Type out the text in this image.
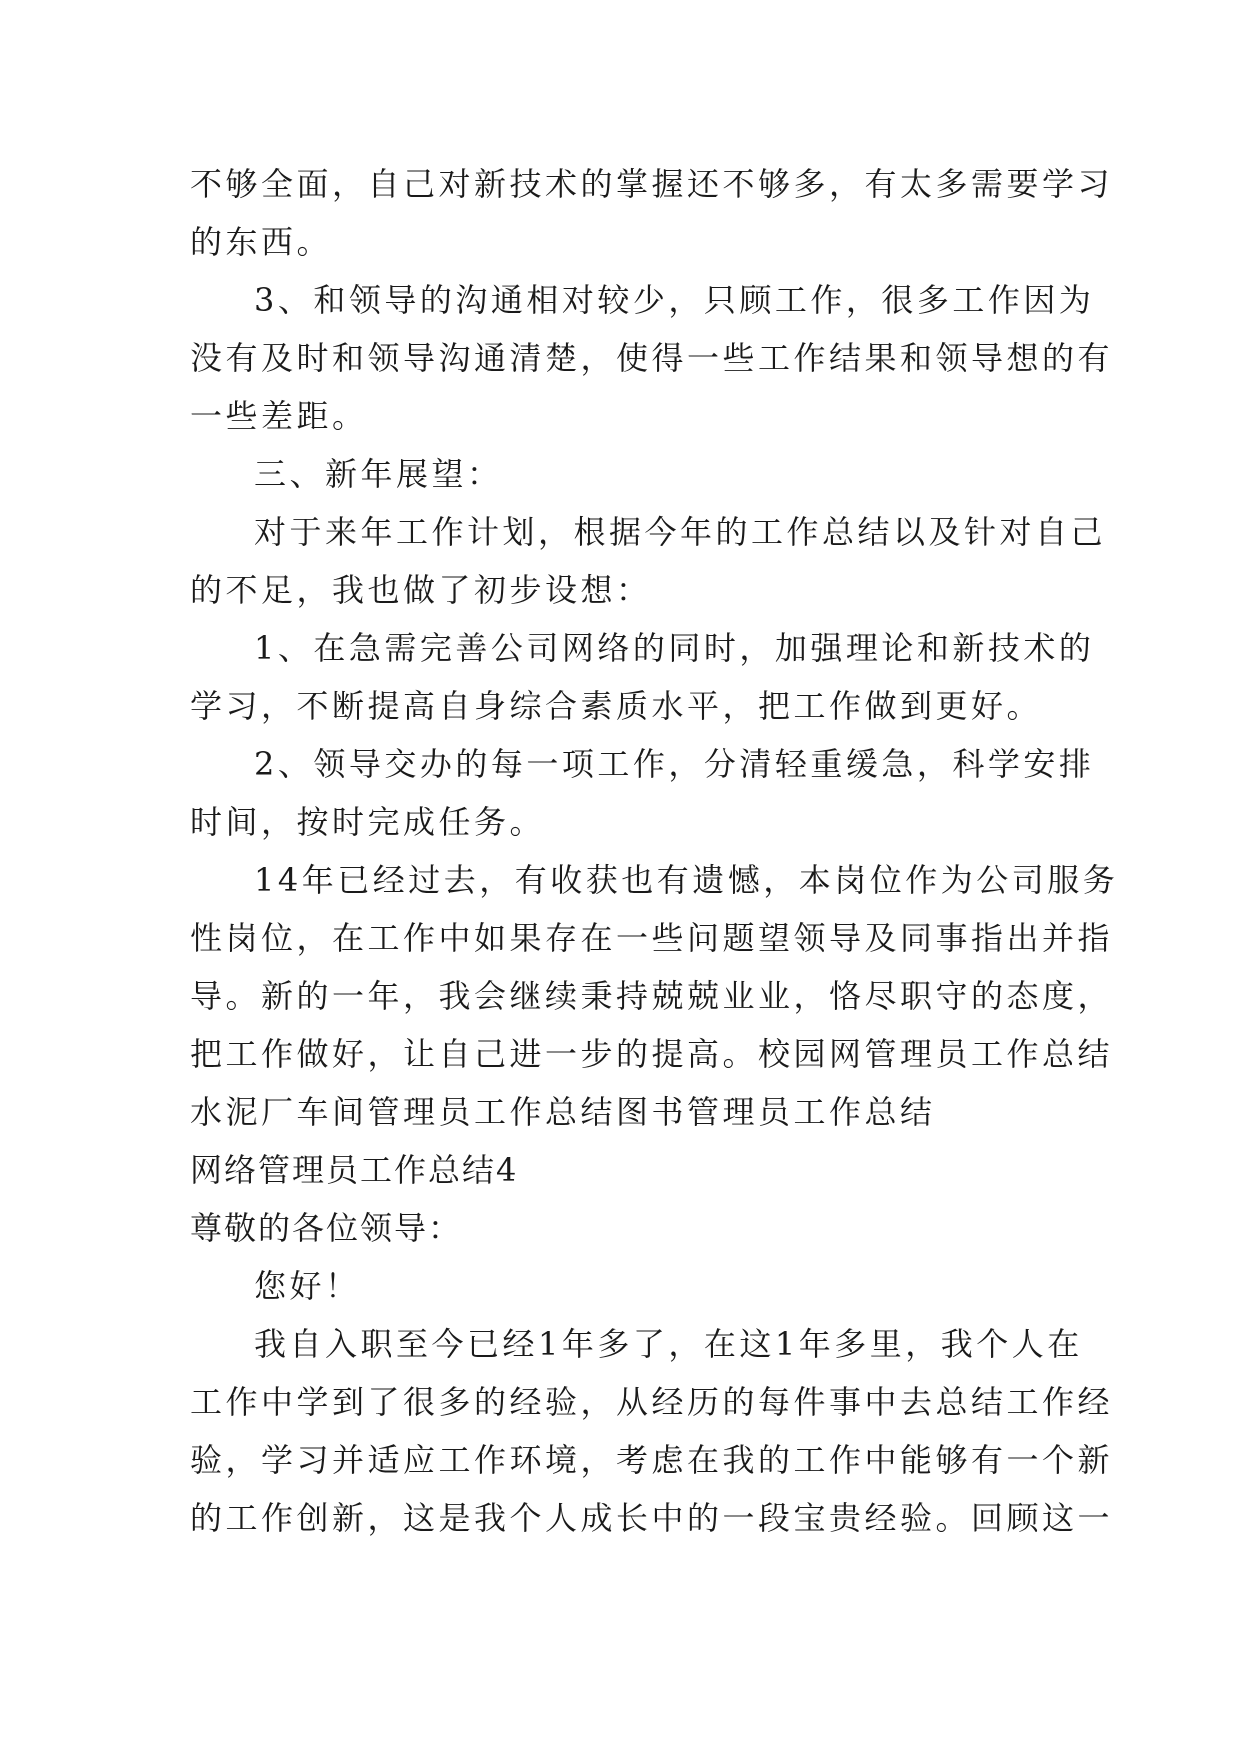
不够全面，自己对新技术的掌握还不够多，有太多需要学习
的东西。
3、和领导的沟通相对较少，只顾工作，很多工作因为
没有及时和领导沟通清楚，使得一些工作结果和领导想的有
一些差距。
三、新年展望：
对于来年工作计划，根据今年的工作总结以及针对自己
的不足，我也做了初步设想：
1、在急需完善公司网络的同时，加强理论和新技术的
学习，不断提高自身综合素质水平，把工作做到更好。
2、领导交办的每一项工作，分清轻重缓急，科学安排
时间，按时完成任务。
14年已经过去，有收获也有遗憾，本岗位作为公司服务
性岗位，在工作中如果存在一些问题望领导及同事指出并指
导。新的一年，我会继续秉持兢兢业业，恪尽职守的态度，
把工作做好，让自己进一步的提高。校园网管理员工作总结
水泥厂车间管理员工作总结图书管理员工作总结
网络管理员工作总结4
尊敬的各位领导：
您好！
我自入职至今已经1年多了，在这1年多里，我个人在
工作中学到了很多的经验，从经历的每件事中去总结工作经
验，学习并适应工作环境，考虑在我的工作中能够有一个新
的工作创新，这是我个人成长中的一段宝贵经验。回顾这一
